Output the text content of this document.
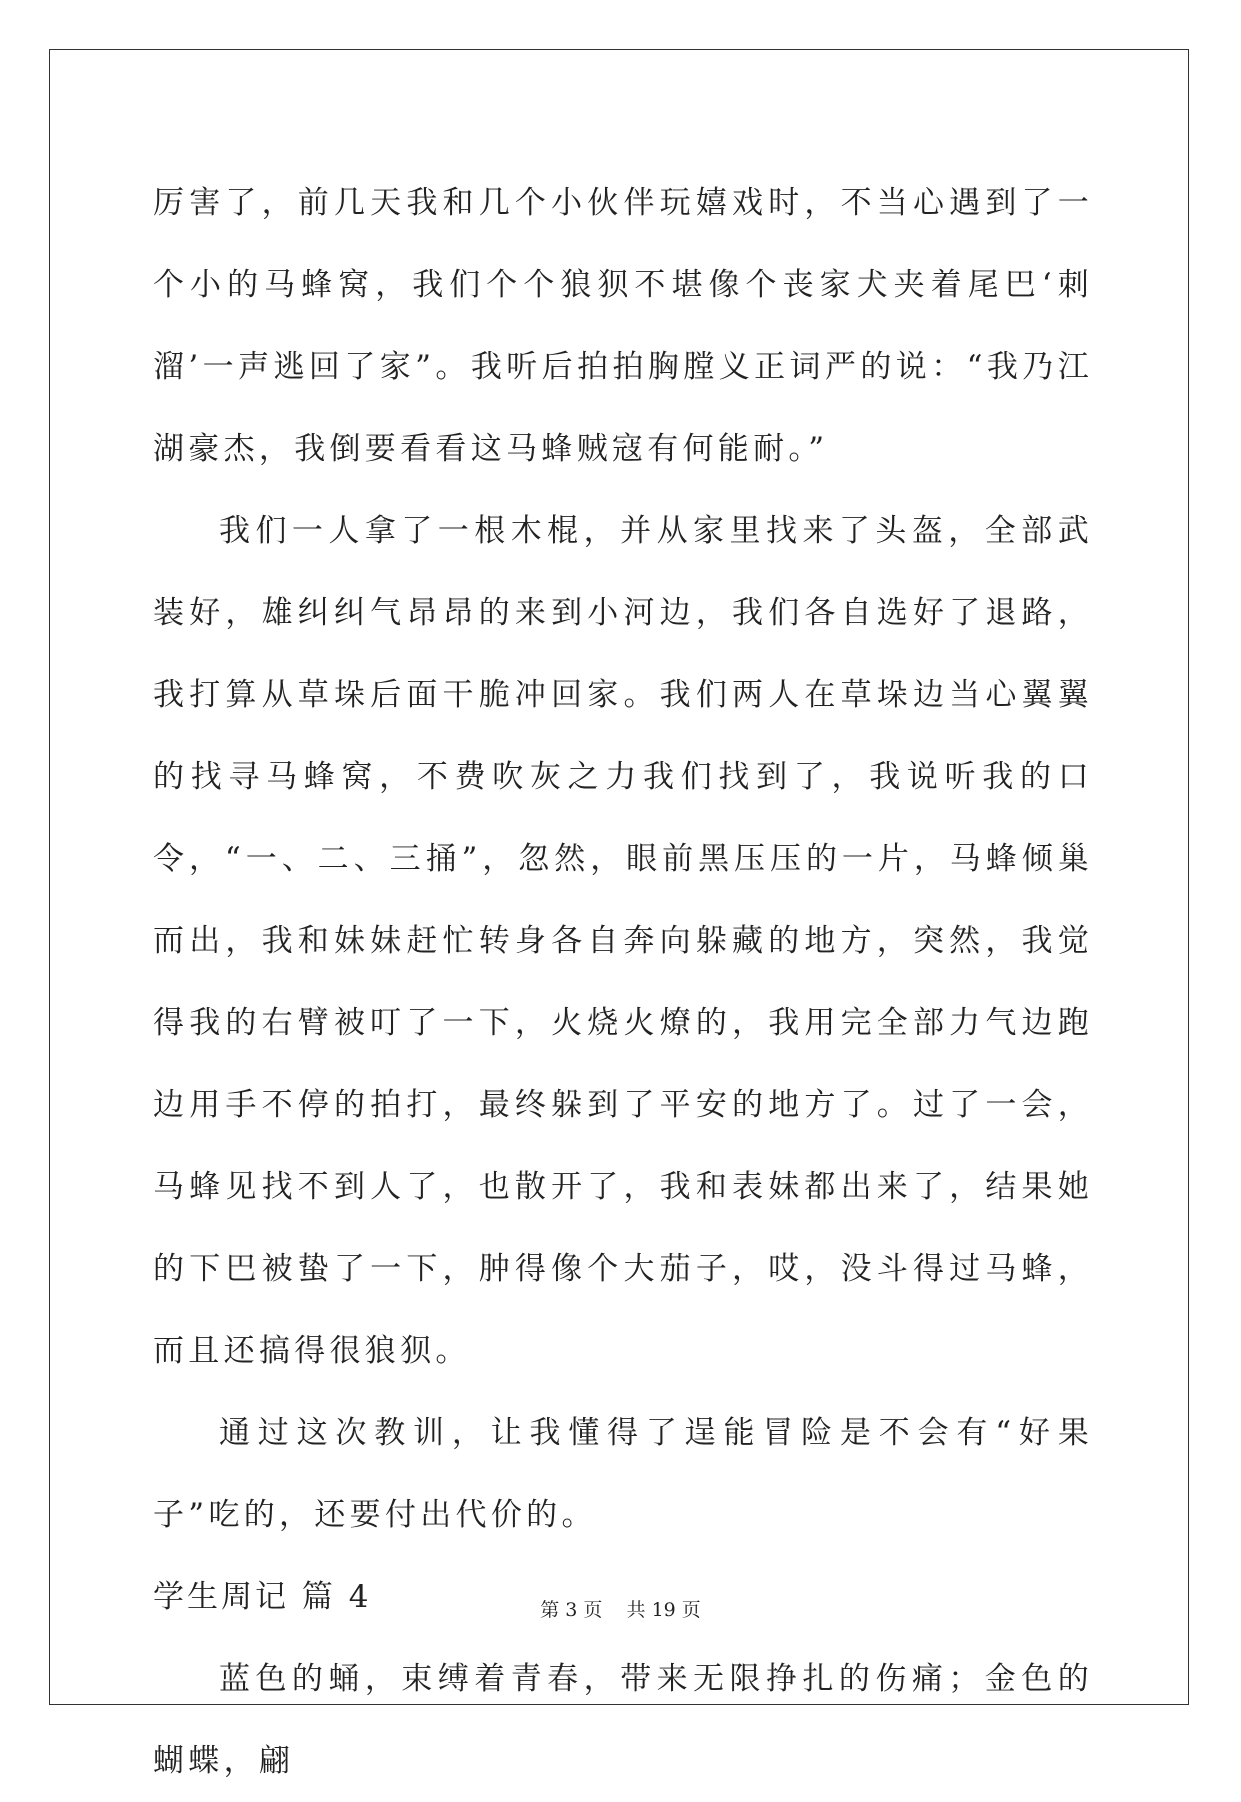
厉害了，前几天我和几个小伙伴玩嬉戏时，不当心遇到了一个小的马蜂窝，我们个个狼狈不堪像个丧家犬夹着尾巴‘刺溜’一声逃回了家”。我听后拍拍胸膛义正词严的说：“我乃江湖豪杰，我倒要看看这马蜂贼寇有何能耐。”

我们一人拿了一根木棍，并从家里找来了头盔，全部武装好，雄纠纠气昂昂的来到小河边，我们各自选好了退路，我打算从草垛后面干脆冲回家。我们两人在草垛边当心翼翼的找寻马蜂窝，不费吹灰之力我们找到了，我说听我的口令，“一、二、三捅”，忽然，眼前黑压压的一片，马蜂倾巢而出，我和妹妹赶忙转身各自奔向躲藏的地方，突然，我觉得我的右臂被叮了一下，火烧火燎的，我用完全部力气边跑边用手不停的拍打，最终躲到了平安的地方了。过了一会，马蜂见找不到人了，也散开了，我和表妹都出来了，结果她的下巴被蛰了一下，肿得像个大茄子，哎，没斗得过马蜂，而且还搞得很狼狈。

通过这次教训，让我懂得了逞能冒险是不会有“好果子”吃的，还要付出代价的。

学生周记 篇 4

蓝色的蛹，束缚着青春，带来无限挣扎的伤痛；金色的蝴蝶，翩

第 3 页    共 19 页
